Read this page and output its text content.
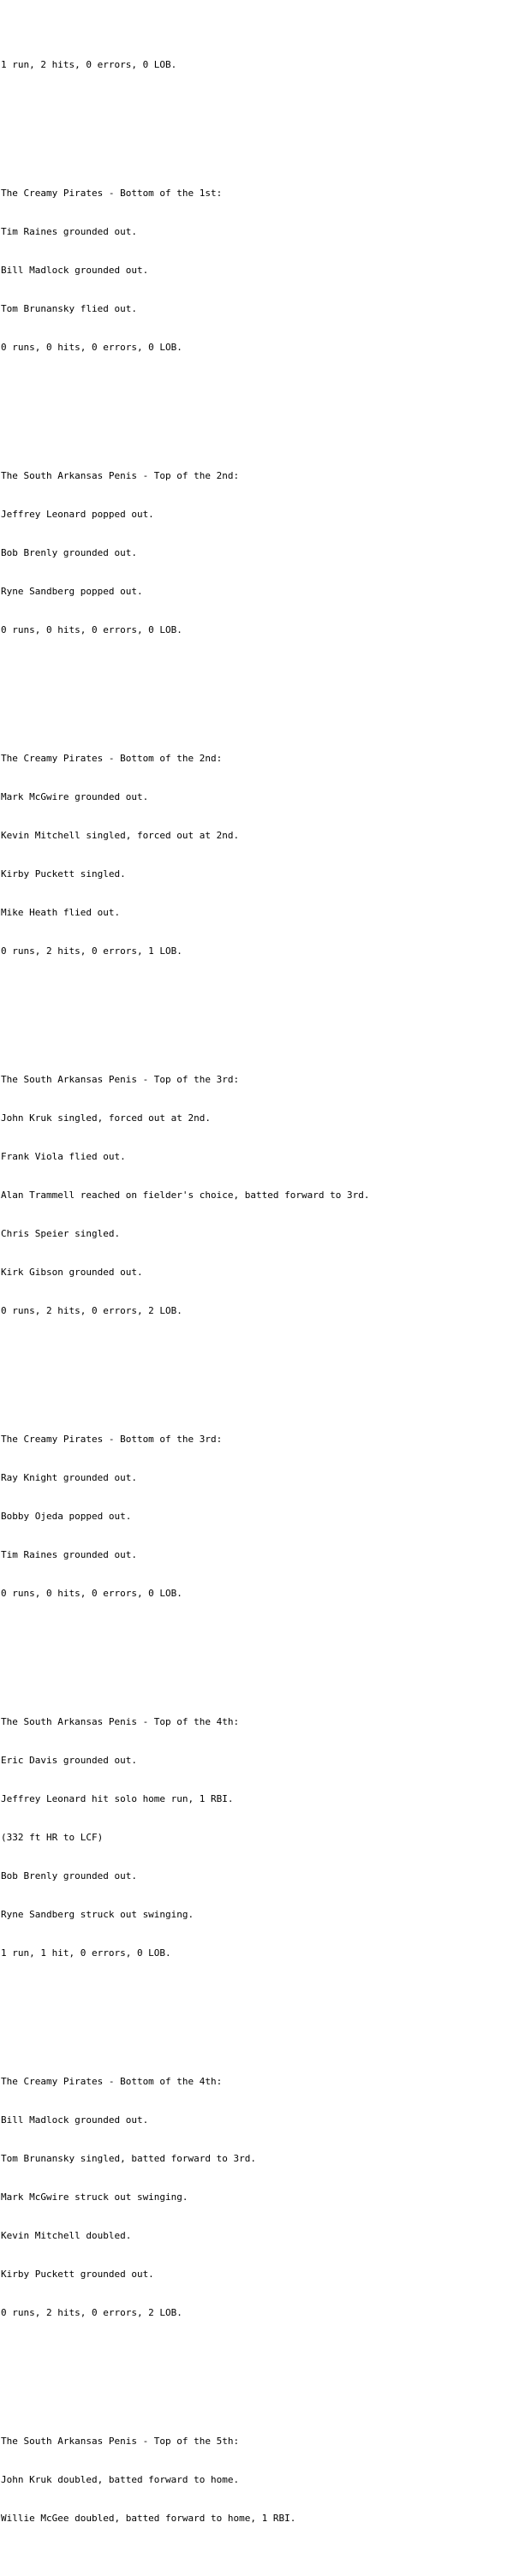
1 run, 2 hits, 0 errors, 0 LOB.

The Creamy Pirates - Bottom of the 1st:

Tim Raines grounded out.

Bill Madlock grounded out.

Tom Brunansky flied out.

0 runs, 0 hits, 0 errors, 0 LOB.

The South Arkansas Penis - Top of the 2nd:

Jeffrey Leonard popped out.

Bob Brenly grounded out.

Ryne Sandberg popped out.

0 runs, 0 hits, 0 errors, 0 LOB.

The Creamy Pirates - Bottom of the 2nd:

Mark McGwire grounded out.

Kevin Mitchell singled, forced out at 2nd.

Kirby Puckett singled.

Mike Heath flied out.

0 runs, 2 hits, 0 errors, 1 LOB.

The South Arkansas Penis - Top of the 3rd:

John Kruk singled, forced out at 2nd.

Frank Viola flied out.

Alan Trammell reached on fielder's choice, batted forward to 3rd.

Chris Speier singled.

Kirk Gibson grounded out.

0 runs, 2 hits, 0 errors, 2 LOB.

The Creamy Pirates - Bottom of the 3rd:

Ray Knight grounded out.

Bobby Ojeda popped out.

Tim Raines grounded out.

0 runs, 0 hits, 0 errors, 0 LOB.

The South Arkansas Penis - Top of the 4th:

Eric Davis grounded out.

Jeffrey Leonard hit solo home run, 1 RBI.

(332 ft HR to LCF)

Bob Brenly grounded out.

Ryne Sandberg struck out swinging.

1 run, 1 hit, 0 errors, 0 LOB.

The Creamy Pirates - Bottom of the 4th:

Bill Madlock grounded out.

Tom Brunansky singled, batted forward to 3rd.

Mark McGwire struck out swinging.

Kevin Mitchell doubled.

Kirby Puckett grounded out.

0 runs, 2 hits, 0 errors, 2 LOB.

The South Arkansas Penis - Top of the 5th:

John Kruk doubled, batted forward to home.

Willie McGee doubled, batted forward to home, 1 RBI.
